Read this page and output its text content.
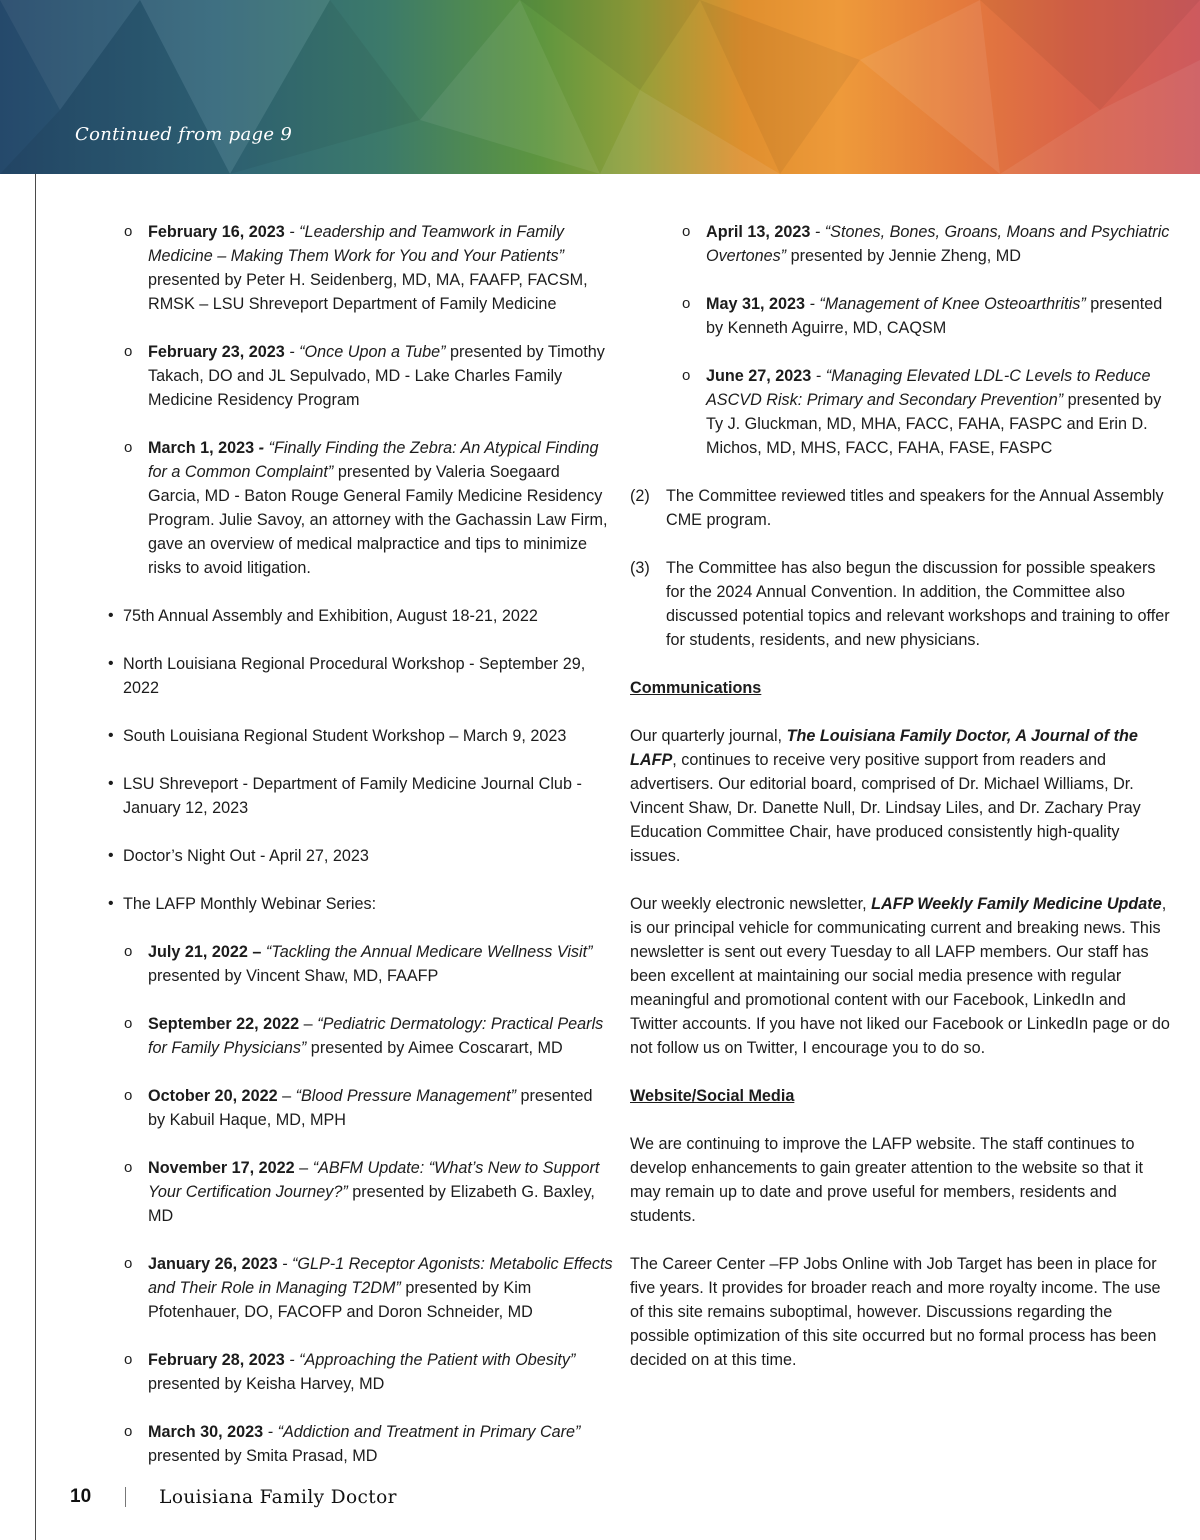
Continued from page 9

o February 16, 2023 - “Leadership and Teamwork in Family Medicine – Making Them Work for You and Your Patients” presented by Peter H. Seidenberg, MD, MA, FAAFP, FACSM, RMSK – LSU Shreveport Department of Family Medicine
o February 23, 2023 - “Once Upon a Tube” presented by Timothy Takach, DO and JL Sepulvado, MD - Lake Charles Family Medicine Residency Program
o March 1, 2023 - “Finally Finding the Zebra: An Atypical Finding for a Common Complaint” presented by Valeria Soegaard Garcia, MD - Baton Rouge General Family Medicine Residency Program. Julie Savoy, an attorney with the Gachassin Law Firm, gave an overview of medical malpractice and tips to minimize risks to avoid litigation.
• 75th Annual Assembly and Exhibition, August 18-21, 2022
• North Louisiana Regional Procedural Workshop - September 29, 2022
• South Louisiana Regional Student Workshop – March 9, 2023
• LSU Shreveport - Department of Family Medicine Journal Club - January 12, 2023
• Doctor’s Night Out - April 27, 2023
• The LAFP Monthly Webinar Series:
o July 21, 2022 – “Tackling the Annual Medicare Wellness Visit” presented by Vincent Shaw, MD, FAAFP
o September 22, 2022 – “Pediatric Dermatology: Practical Pearls for Family Physicians” presented by Aimee Coscarart, MD
o October 20, 2022 – “Blood Pressure Management” presented by Kabuil Haque, MD, MPH
o November 17, 2022 – “ABFM Update: “What’s New to Support Your Certification Journey?” presented by Elizabeth G. Baxley, MD
o January 26, 2023 - “GLP-1 Receptor Agonists: Metabolic Effects and Their Role in Managing T2DM” presented by Kim Pfotenhauer, DO, FACOFP and Doron Schneider, MD
o February 28, 2023 - “Approaching the Patient with Obesity” presented by Keisha Harvey, MD
o March 30, 2023 - “Addiction and Treatment in Primary Care” presented by Smita Prasad, MD
o April 13, 2023 - “Stones, Bones, Groans, Moans and Psychiatric Overtones” presented by Jennie Zheng, MD
o May 31, 2023 - “Management of Knee Osteoarthritis” presented by Kenneth Aguirre, MD, CAQSM
o June 27, 2023 - “Managing Elevated LDL-C Levels to Reduce ASCVD Risk: Primary and Secondary Prevention” presented by Ty J. Gluckman, MD, MHA, FACC, FAHA, FASPC and Erin D. Michos, MD, MHS, FACC, FAHA, FASE, FASPC
(2) The Committee reviewed titles and speakers for the Annual Assembly CME program.
(3) The Committee has also begun the discussion for possible speakers for the 2024 Annual Convention. In addition, the Committee also discussed potential topics and relevant workshops and training to offer for students, residents, and new physicians.

Communications

Our quarterly journal, The Louisiana Family Doctor, A Journal of the LAFP, continues to receive very positive support from readers and advertisers. Our editorial board, comprised of Dr. Michael Williams, Dr. Vincent Shaw, Dr. Danette Null, Dr. Lindsay Liles, and Dr. Zachary Pray Education Committee Chair, have produced consistently high-quality issues.

Our weekly electronic newsletter, LAFP Weekly Family Medicine Update, is our principal vehicle for communicating current and breaking news. This newsletter is sent out every Tuesday to all LAFP members. Our staff has been excellent at maintaining our social media presence with regular meaningful and promotional content with our Facebook, LinkedIn and Twitter accounts. If you have not liked our Facebook or LinkedIn page or do not follow us on Twitter, I encourage you to do so.

Website/Social Media

We are continuing to improve the LAFP website. The staff continues to develop enhancements to gain greater attention to the website so that it may remain up to date and prove useful for members, residents and students.

The Career Center –FP Jobs Online with Job Target has been in place for five years. It provides for broader reach and more royalty income. The use of this site remains suboptimal, however. Discussions regarding the possible optimization of this site occurred but no formal process has been decided on at this time.

10	Louisiana Family Doctor
